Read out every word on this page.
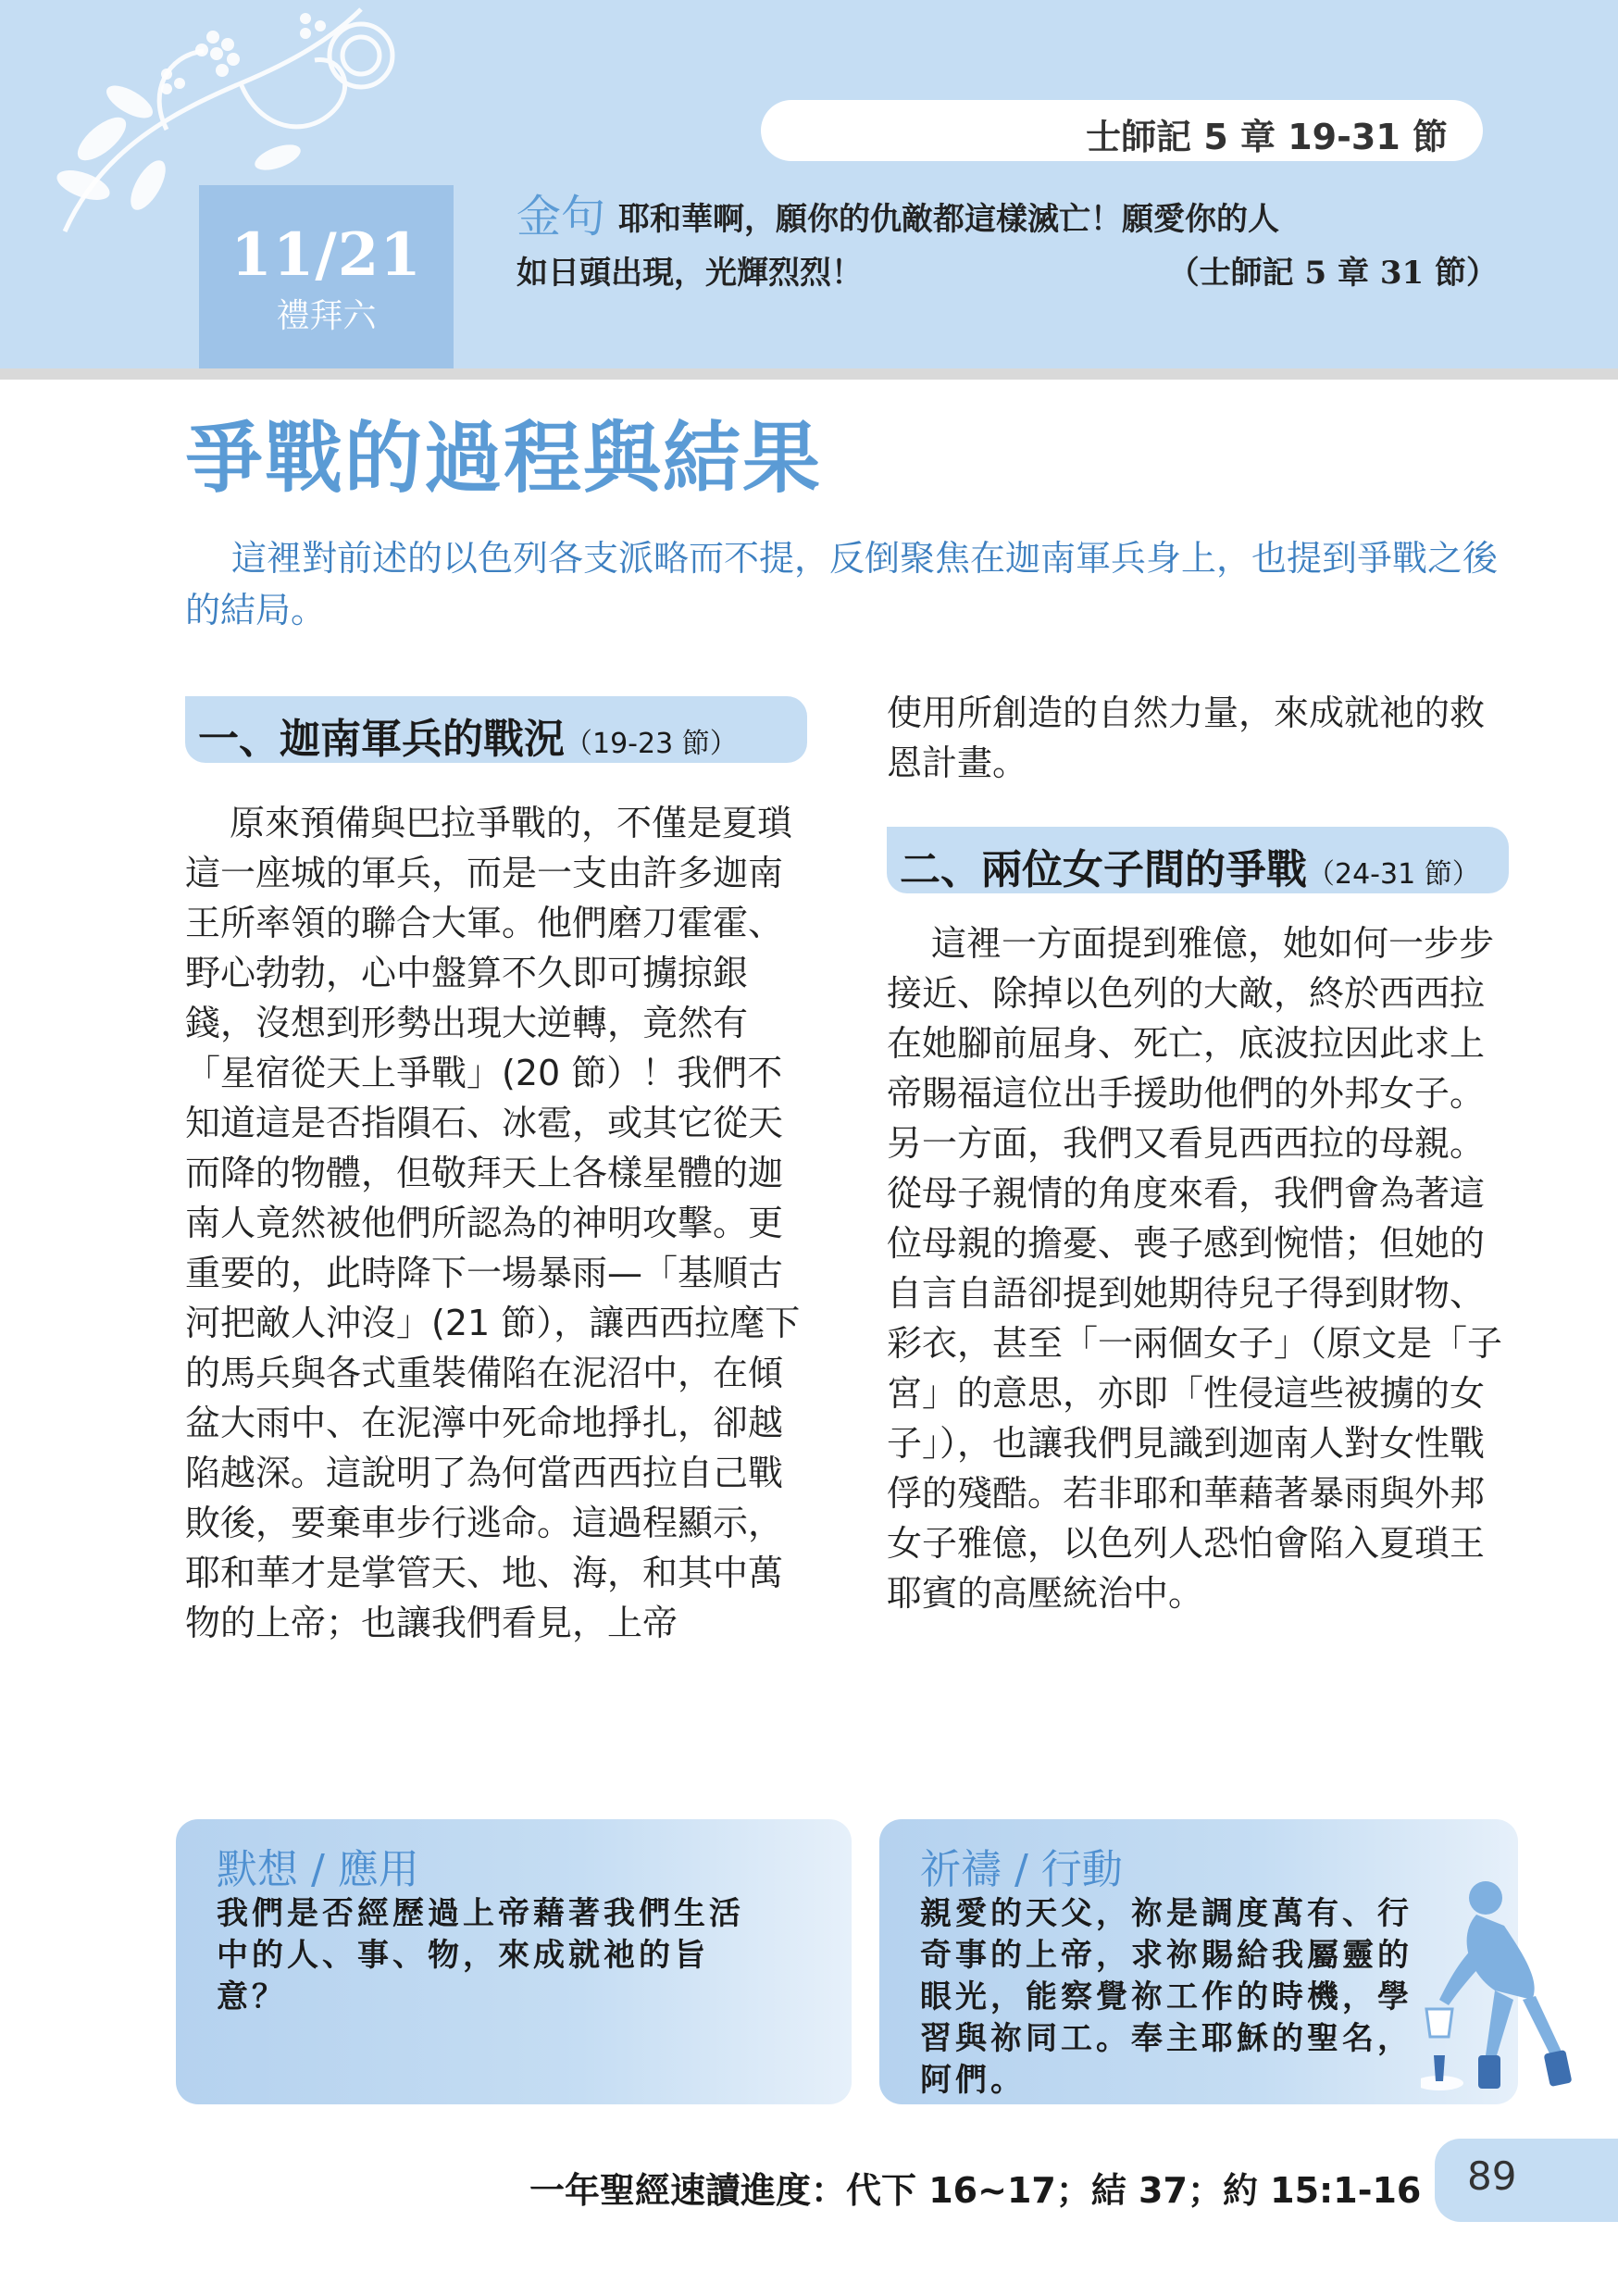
11/21
禮拜六
士師記 5 章 19-31 節
金句 耶和華啊，願你的仇敵都這樣滅亡！願愛你的人
如日頭出現，光輝烈烈！	（士師記 5 章 31 節）
爭戰的過程與結果
這裡對前述的以色列各支派略而不提，反倒聚焦在迦南軍兵身上，也提到爭戰之後的結局。
一、迦南軍兵的戰況（19-23 節）
原來預備與巴拉爭戰的，不僅是夏瑣這一座城的軍兵，而是一支由許多迦南王所率領的聯合大軍。他們磨刀霍霍、野心勃勃，心中盤算不久即可擄掠銀錢，沒想到形勢出現大逆轉，竟然有「星宿從天上爭戰」(20 節）！我們不知道這是否指隕石、冰雹，或其它從天而降的物體，但敬拜天上各樣星體的迦南人竟然被他們所認為的神明攻擊。更重要的，此時降下一場暴雨—「基順古河把敵人沖沒」(21 節），讓西西拉麾下的馬兵與各式重裝備陷在泥沼中，在傾盆大雨中、在泥濘中死命地掙扎，卻越陷越深。這說明了為何當西西拉自己戰敗後，要棄車步行逃命。這過程顯示，耶和華才是掌管天、地、海，和其中萬物的上帝；也讓我們看見，上帝
使用所創造的自然力量，來成就祂的救恩計畫。
二、兩位女子間的爭戰（24-31 節）
這裡一方面提到雅億，她如何一步步接近、除掉以色列的大敵，終於西西拉在她腳前屈身、死亡，底波拉因此求上帝賜福這位出手援助他們的外邦女子。另一方面，我們又看見西西拉的母親。從母子親情的角度來看，我們會為著這位母親的擔憂、喪子感到惋惜；但她的自言自語卻提到她期待兒子得到財物、彩衣，甚至「一兩個女子」（原文是「子宮」的意思，亦即「性侵這些被擄的女子」），也讓我們見識到迦南人對女性戰俘的殘酷。若非耶和華藉著暴雨與外邦女子雅億，以色列人恐怕會陷入夏瑣王耶賓的高壓統治中。
默想 / 應用
我們是否經歷過上帝藉著我們生活中的人、事、物，來成就祂的旨意？
祈禱 / 行動
親愛的天父，祢是調度萬有、行奇事的上帝，求祢賜給我屬靈的眼光，能察覺祢工作的時機，學習與祢同工。奉主耶穌的聖名，阿們。
一年聖經速讀進度：代下 16~17；結 37；約 15:1-16 89
